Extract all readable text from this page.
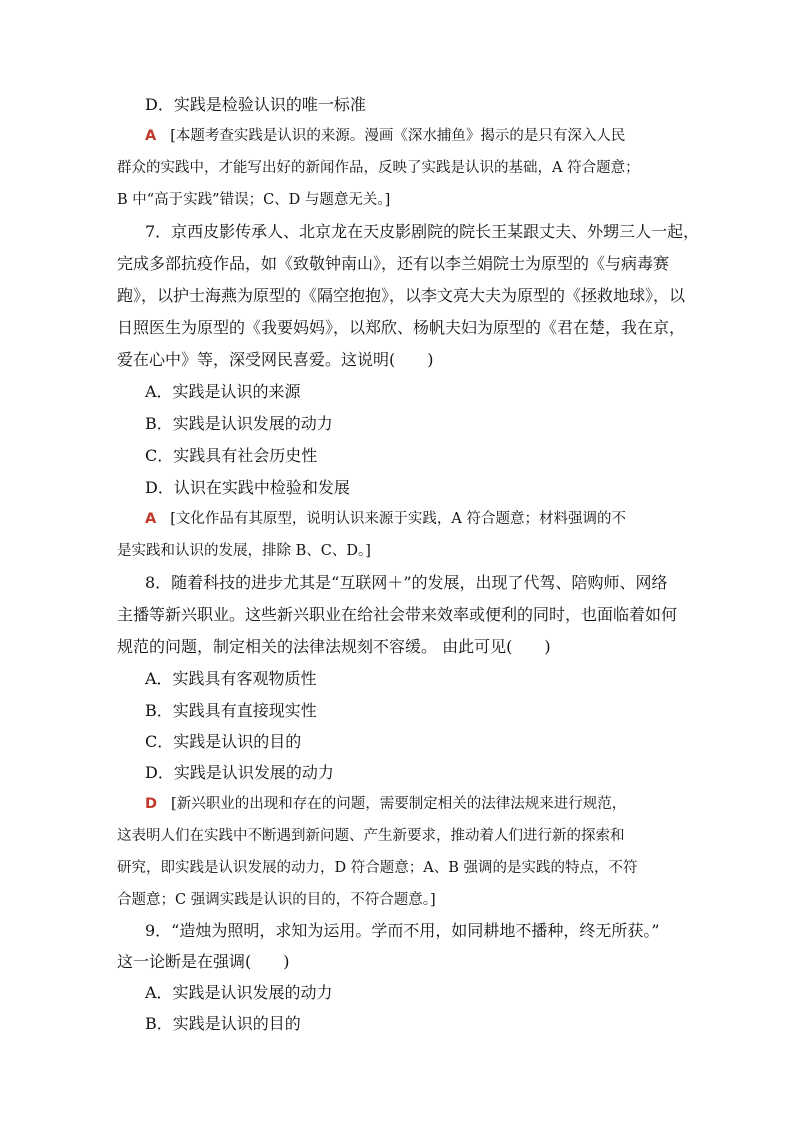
D．实践是检验认识的唯一标准
A [本题考查实践是认识的来源。漫画《深水捕鱼》揭示的是只有深入人民
群众的实践中，才能写出好的新闻作品，反映了实践是认识的基础，A 符合题意；
B 中“高于实践”错误；C、D 与题意无关。]
7．京西皮影传承人、北京龙在天皮影剧院的院长王某跟丈夫、外甥三人一起，
完成多部抗疫作品，如《致敬钟南山》，还有以李兰娟院士为原型的《与病毒赛
跑》，以护士海燕为原型的《隔空抱抱》，以李文亮大夫为原型的《拯救地球》，以
日照医生为原型的《我要妈妈》，以郑欣、杨帆夫妇为原型的《君在楚，我在京，
爱在心中》等，深受网民喜爱。这说明(　　)
A．实践是认识的来源
B．实践是认识发展的动力
C．实践具有社会历史性
D．认识在实践中检验和发展
A [文化作品有其原型，说明认识来源于实践，A 符合题意；材料强调的不
是实践和认识的发展，排除 B、C、D。]
8．随着科技的进步尤其是“互联网＋”的发展，出现了代驾、陪购师、网络
主播等新兴职业。这些新兴职业在给社会带来效率或便利的同时，也面临着如何
规范的问题，制定相关的法律法规刻不容缓。 由此可见(　　)
A．实践具有客观物质性
B．实践具有直接现实性
C．实践是认识的目的
D．实践是认识发展的动力
D [新兴职业的出现和存在的问题，需要制定相关的法律法规来进行规范，
这表明人们在实践中不断遇到新问题、产生新要求，推动着人们进行新的探索和
研究，即实践是认识发展的动力，D 符合题意；A、B 强调的是实践的特点，不符
合题意；C 强调实践是认识的目的，不符合题意。]
9．“造烛为照明，求知为运用。学而不用，如同耕地不播种，终无所获。”
这一论断是在强调(　　)
A．实践是认识发展的动力
B．实践是认识的目的
